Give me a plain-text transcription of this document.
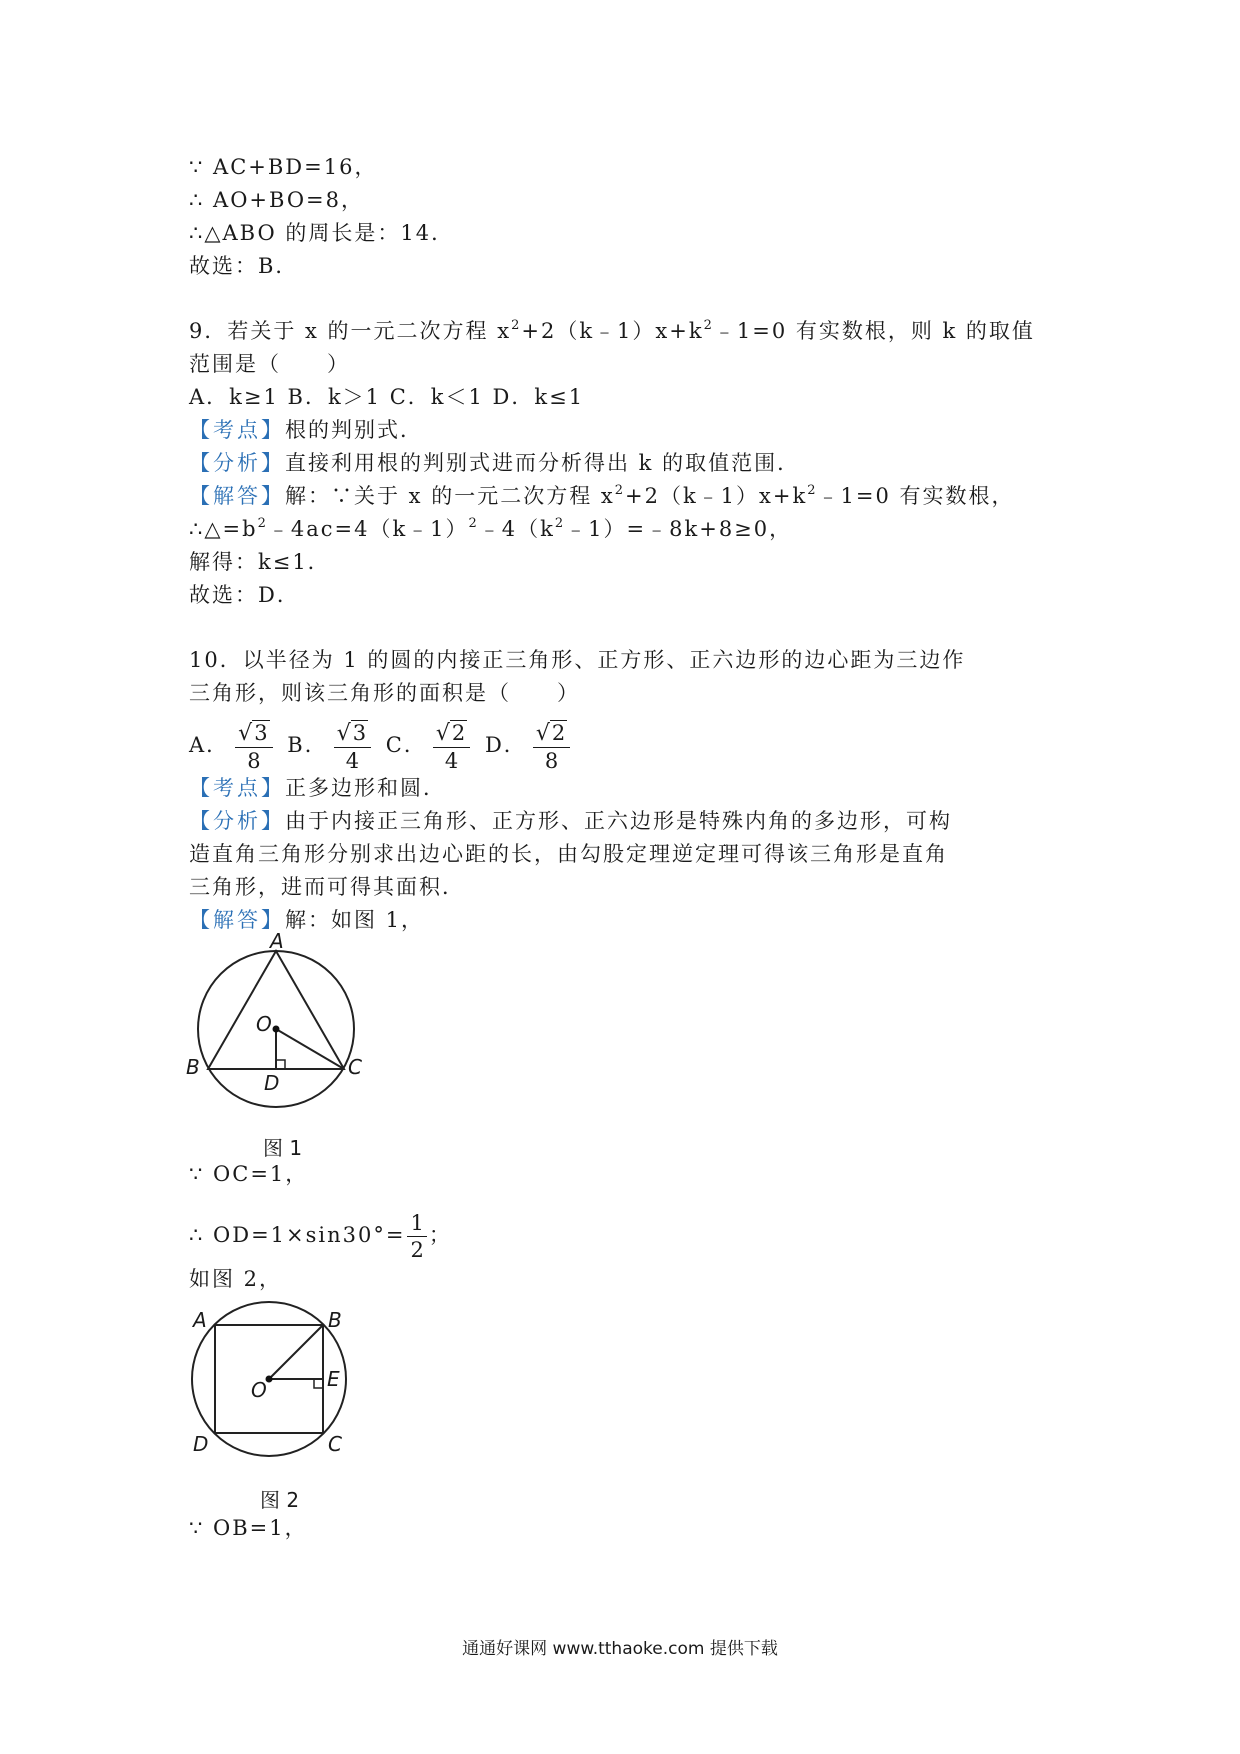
∵ AC+BD=16，
∴ AO+BO=8，
∴△ABO 的周长是：14．
故选：B．
9．若关于 x 的一元二次方程 $x^2+2(k﹣1)x+k^2﹣1=0$ 有实数根，则 k 的取值
范围是（　　）
A．k≥1 B．k＞1 C．k＜1 D．k≤1
【考点】根的判别式．
【分析】直接利用根的判别式进而分析得出 k 的取值范围．
【解答】解：∵关于 x 的一元二次方程 $x^2+2(k﹣1)x+k^2﹣1=0$ 有实数根，
$\therefore\triangle=b^2﹣4ac=4(k﹣1)^2﹣4(k^2﹣1)=﹣8k+8\ge 0$，
解得：k≤1．
故选：D．
10．以半径为 1 的圆的内接正三角形、正方形、正六边形的边心距为三边作
三角形，则该三角形的面积是（　　）
A． $\frac{√3}{8}$ B． $\frac{√3}{4}$ C． $\frac{√2}{4}$ D． $\frac{√2}{8}$
【考点】正多边形和圆．
【分析】由于内接正三角形、正方形、正六边形是特殊内角的多边形，可构
造直角三角形分别求出边心距的长，由勾股定理逆定理可得该三角形是直角
三角形，进而可得其面积．
【解答】解：如图 1，
A
B	C
D
O
图 1
∵ OC=1，
∴ $OD=1\times\sin 30^\circ= \frac{1}{2}$ ；
如图 2，
A	B
C
D
E
O
图 2
∵ OB=1，
通通好课网 www.tthaoke.com 提供下载
